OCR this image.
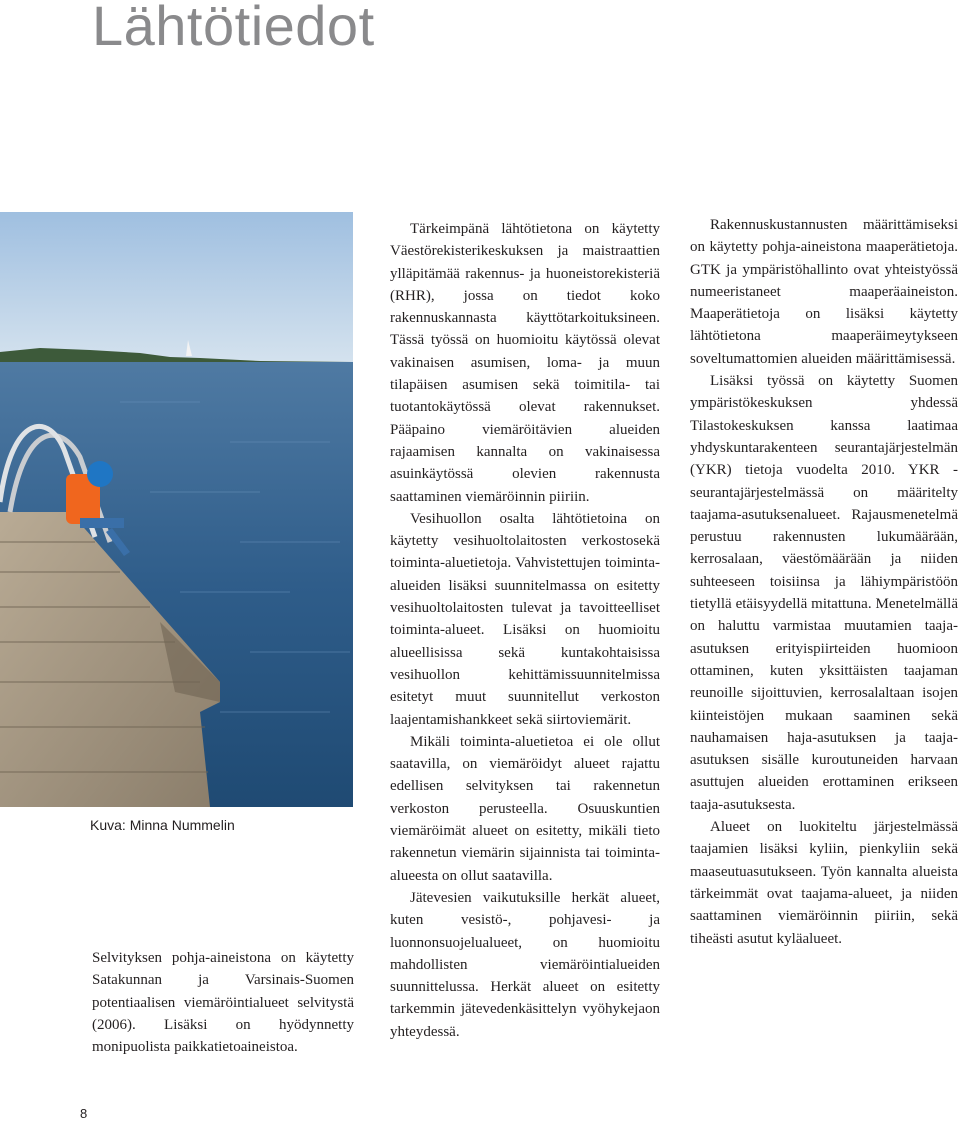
Lähtötiedot
Kuva: Minna Nummelin

Selvityksen pohja-aineistona on käytetty Satakunnan ja Varsinais-Suomen potentiaalisen viemäröintialueet selvitystä (2006). Lisäksi on hyödynnetty monipuolista paikkatietoaineistoa.

Tärkeimpänä lähtötietona on käytetty Väestörekisterikeskuksen ja maistraattien ylläpitämää rakennus- ja huoneistorekisteriä (RHR), jossa on tiedot koko rakennuskannasta käyttötarkoituksineen. Tässä työssä on huomioitu käytössä olevat vakinaisen asumisen, loma- ja muun tilapäisen asumisen sekä toimitila- tai tuotantokäytössä olevat rakennukset. Pääpaino viemäröitävien alueiden rajaamisen kannalta on vakinaisessa asuinkäytössä olevien rakennusta saattaminen viemäröinnin piiriin.

Vesihuollon osalta lähtötietoina on käytetty vesihuoltolaitosten verkostosekä toiminta-aluetietoja. Vahvistettujen toiminta-alueiden lisäksi suunnitelmassa on esitetty vesihuoltolaitosten tulevat ja tavoitteelliset toiminta-alueet. Lisäksi on huomioitu alueellisissa sekä kuntakohtaisissa vesihuollon kehittämissuunnitelmissa esitetyt muut suunnitellut verkoston laajentamishankkeet sekä siirtoviemärit.

Mikäli toiminta-aluetietoa ei ole ollut saatavilla, on viemäröidyt alueet rajattu edellisen selvityksen tai rakennetun verkoston perusteella. Osuuskuntien viemäröimät alueet on esitetty, mikäli tieto rakennetun viemärin sijainnista tai toiminta-alueesta on ollut saatavilla.

Jätevesien vaikutuksille herkät alueet, kuten vesistö-, pohjavesi- ja luonnonsuojelualueet, on huomioitu mahdollisten viemäröintialueiden suunnittelussa. Herkät alueet on esitetty tarkemmin jätevedenkäsittelyn vyöhykejaon yhteydessä.

Rakennuskustannusten määrittämiseksi on käytetty pohja-aineistona maaperätietoja. GTK ja ympäristöhallinto ovat yhteistyössä numeeristaneet maaperäaineiston. Maaperätietoja on lisäksi käytetty lähtötietona maaperäimeytykseen soveltumattomien alueiden määrittämisessä.

Lisäksi työssä on käytetty Suomen ympäristökeskuksen yhdessä Tilastokeskuksen kanssa laatimaa yhdyskuntarakenteen seurantajärjestelmän (YKR) tietoja vuodelta 2010. YKR -seurantajärjestelmässä on määritelty taajama-asutuksenalueet. Rajausmenetelmä perustuu rakennusten lukumäärään, kerrosalaan, väestömäärään ja niiden suhteeseen toisiinsa ja lähiympäristöön tietyllä etäisyydellä mitattuna. Menetelmällä on haluttu varmistaa muutamien taaja-asutuksen erityispiirteiden huomioon ottaminen, kuten yksittäisten taajaman reunoille sijoittuvien, kerrosalaltaan isojen kiinteistöjen mukaan saaminen sekä nauhamaisen haja-asutuksen ja taaja-asutuksen sisälle kuroutuneiden harvaan asuttujen alueiden erottaminen erikseen taaja-asutuksesta.

Alueet on luokiteltu järjestelmässä taajamien lisäksi kyliin, pienkyliin sekä maaseutuasutukseen. Työn kannalta alueista tärkeimmät ovat taajama-alueet, ja niiden saattaminen viemäröinnin piiriin, sekä tiheästi asutut kyläalueet.

8
